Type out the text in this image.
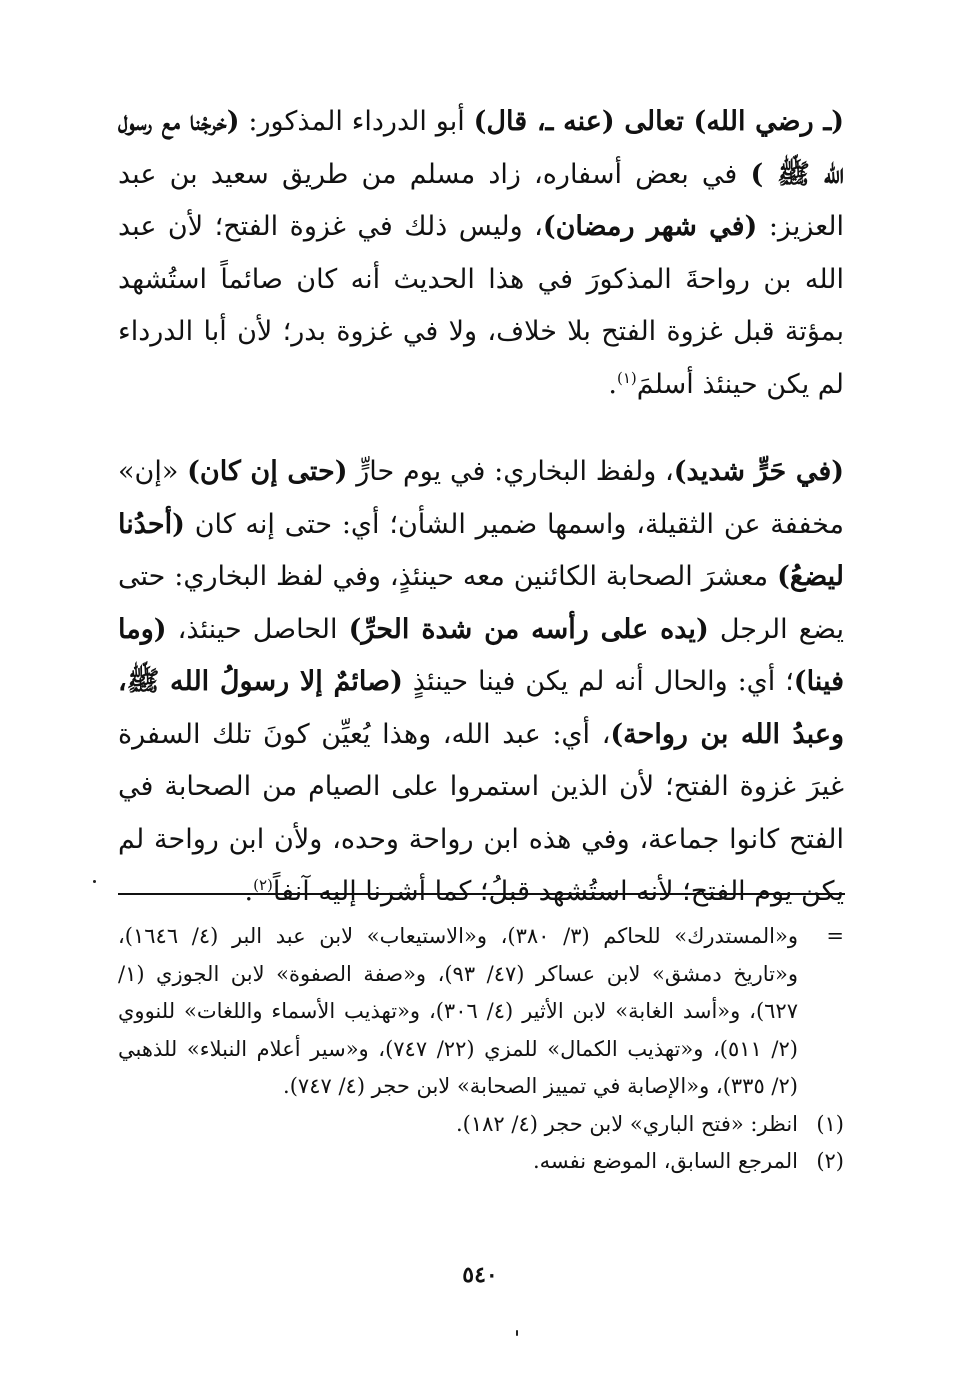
(ـ رضي الله) تعالى (عنه ـ، قال) أبو الدرداء المذكور: (خرجْنا مع رسول الله ﷺ ) في بعض أسفاره، زاد مسلم من طريق سعيد بن عبد العزيز: (في شهر رمضان)، وليس ذلك في غزوة الفتح؛ لأن عبد الله بن رواحةَ المذكورَ في هذا الحديث أنه كان صائماً استُشهد بمؤتة قبل غزوة الفتح بلا خلاف، ولا في غزوة بدر؛ لأن أبا الدرداء لم يكن حينئذ أسلمَ$^{(١)}$.

(في حَرٍّ شديد)، ولفظ البخاري: في يوم حارٍّ (حتى إن كان) «إن» مخففة عن الثقيلة، واسمها ضمير الشأن؛ أي: حتى إنه كان (أحدُنا ليضعُ) معشرَ الصحابة الكائنين معه حينئذٍ، وفي لفظ البخاري: حتى يضع الرجل (يده على رأسه من شدة الحرِّ) الحاصل حينئذ، (وما فينا)؛ أي: والحال أنه لم يكن فينا حينئذٍ (صائمٌ إلا رسولُ الله ﷺ، وعبدُ الله بن رواحة)، أي: عبد الله، وهذا يُعيِّن كونَ تلك السفرة غيرَ غزوة الفتح؛ لأن الذين استمروا على الصيام من الصحابة في الفتح كانوا جماعة، وفي هذه ابن رواحة وحده، ولأن ابن رواحة لم يكن يوم الفتح؛ لأنه استُشهد قبلُ؛ كما أشرنا إليه آنفاً$^{(٢)}$.

=
و«المستدرك» للحاكم (٣/ ٣٨٠)، و«الاستيعاب» لابن عبد البر (٤/ ١٦٤٦)، و«تاريخ دمشق» لابن عساكر (٤٧/ ٩٣)، و«صفة الصفوة» لابن الجوزي (١/ ٦٢٧)، و«أسد الغابة» لابن الأثير (٤/ ٣٠٦)، و«تهذيب الأسماء واللغات» للنووي (٢/ ٥١١)، و«تهذيب الكمال» للمزي (٢٢/ ٧٤٧)، و«سير أعلام النبلاء» للذهبي (٢/ ٣٣٥)، و«الإصابة في تمييز الصحابة» لابن حجر (٤/ ٧٤٧).
(١)
انظر: «فتح الباري» لابن حجر (٤/ ١٨٢).
(٢)
المرجع السابق، الموضع نفسه.
٥٤٠
